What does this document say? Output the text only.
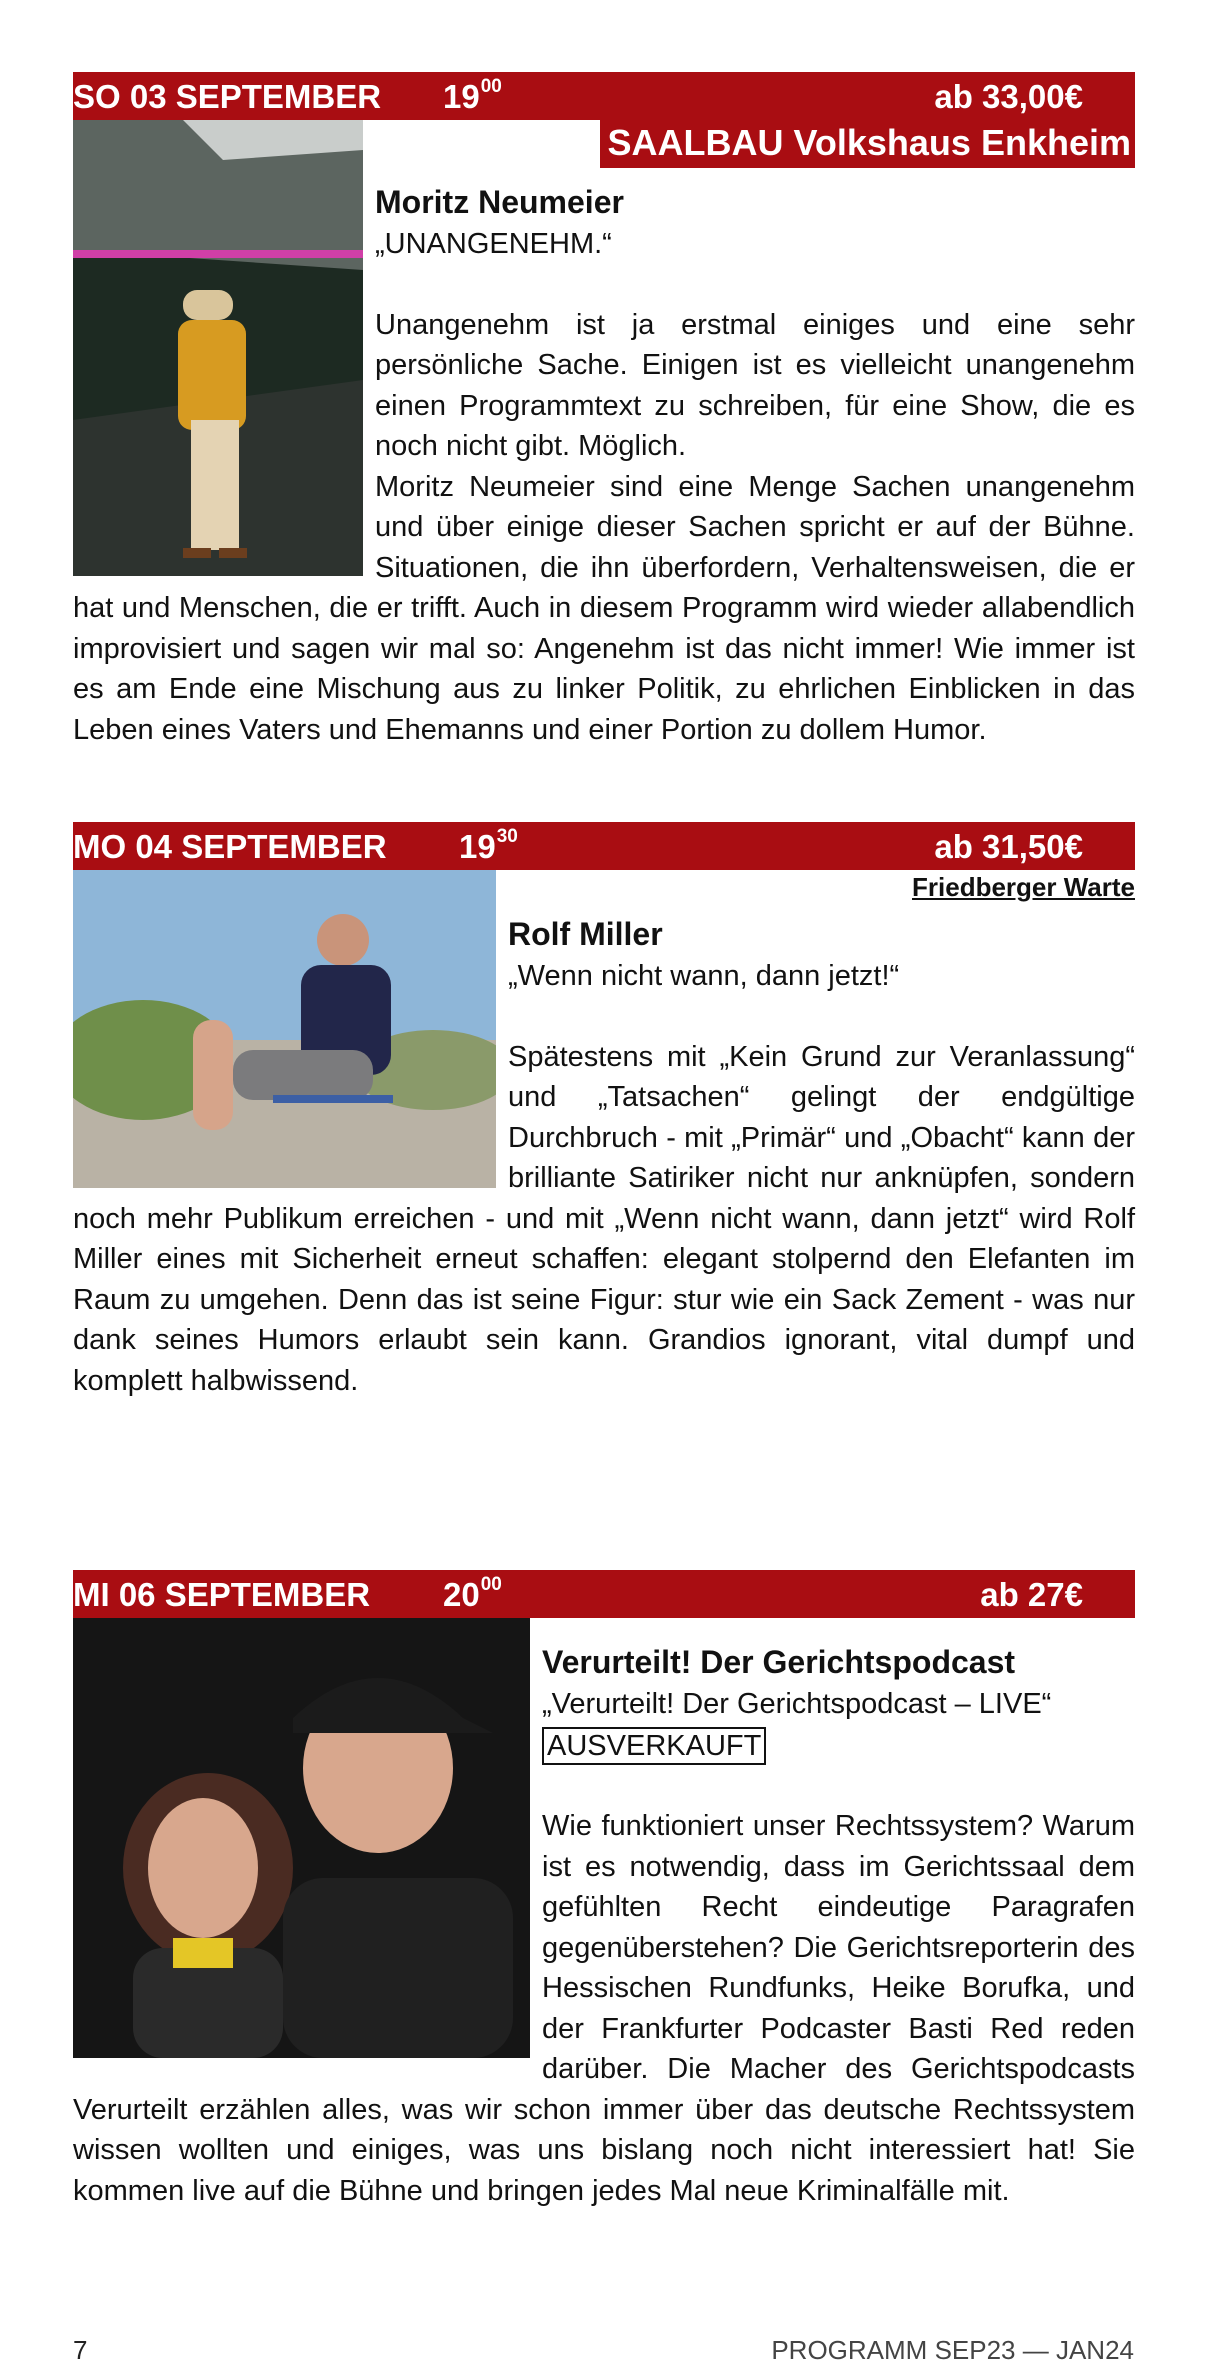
SO 03 SEPTEMBER $19^{00}$	ab 33,00€
SAALBAU Volkshaus Enkheim
Moritz Neumeier
„UNANGENEHM.“
Unangenehm ist ja erstmal einiges und eine sehr persönliche Sache. Einigen ist es vielleicht unangenehm einen Programmtext zu schreiben, für eine Show, die es noch nicht gibt. Möglich.
Moritz Neumeier sind eine Menge Sachen unangenehm und über einige dieser Sachen spricht er auf der Bühne. Situationen, die ihn überfordern, Verhaltensweisen, die er hat und Menschen, die er trifft. Auch in diesem Programm wird wieder allabendlich improvisiert und sagen wir mal so: Angenehm ist das nicht immer! Wie immer ist es am Ende eine Mischung aus zu linker Politik, zu ehrlichen Einblicken in das Leben eines Vaters und Ehemanns und einer Portion zu dollem Humor.
MO 04 SEPTEMBER $19^{30}$	ab 31,50€
Friedberger Warte
Rolf Miller
„Wenn nicht wann, dann jetzt!“
Spätestens mit „Kein Grund zur Veranlassung“ und „Tatsachen“ gelingt der endgültige Durchbruch - mit „Primär“ und „Obacht“ kann der brilliante Satiriker nicht nur anknüpfen, sondern noch mehr Publikum erreichen - und mit „Wenn nicht wann, dann jetzt“ wird Rolf Miller eines mit Sicherheit erneut schaffen: elegant stolpernd den Elefanten im Raum zu umgehen. Denn das ist seine Figur: stur wie ein Sack Zement - was nur dank seines Humors erlaubt sein kann. Grandios ignorant, vital dumpf und komplett halbwissend.
MI 06 SEPTEMBER $20^{00}$	ab 27€
Verurteilt! Der Gerichtspodcast
„Verurteilt! Der Gerichtspodcast – LIVE“
AUSVERKAUFT
Wie funktioniert unser Rechtssystem? Warum ist es notwendig, dass im Gerichtssaal dem gefühlten Recht eindeutige Paragrafen gegenüberstehen? Die Gerichtsreporterin des Hessischen Rundfunks, Heike Borufka, und der Frankfurter Podcaster Basti Red reden darüber. Die Macher des Gerichtspodcasts Verurteilt erzählen alles, was wir schon immer über das deutsche Rechtssystem wissen wollten und einiges, was uns bislang noch nicht interessiert hat! Sie kommen live auf die Bühne und bringen jedes Mal neue Kriminalfälle mit.
7	PROGRAMM SEP23 — JAN24
